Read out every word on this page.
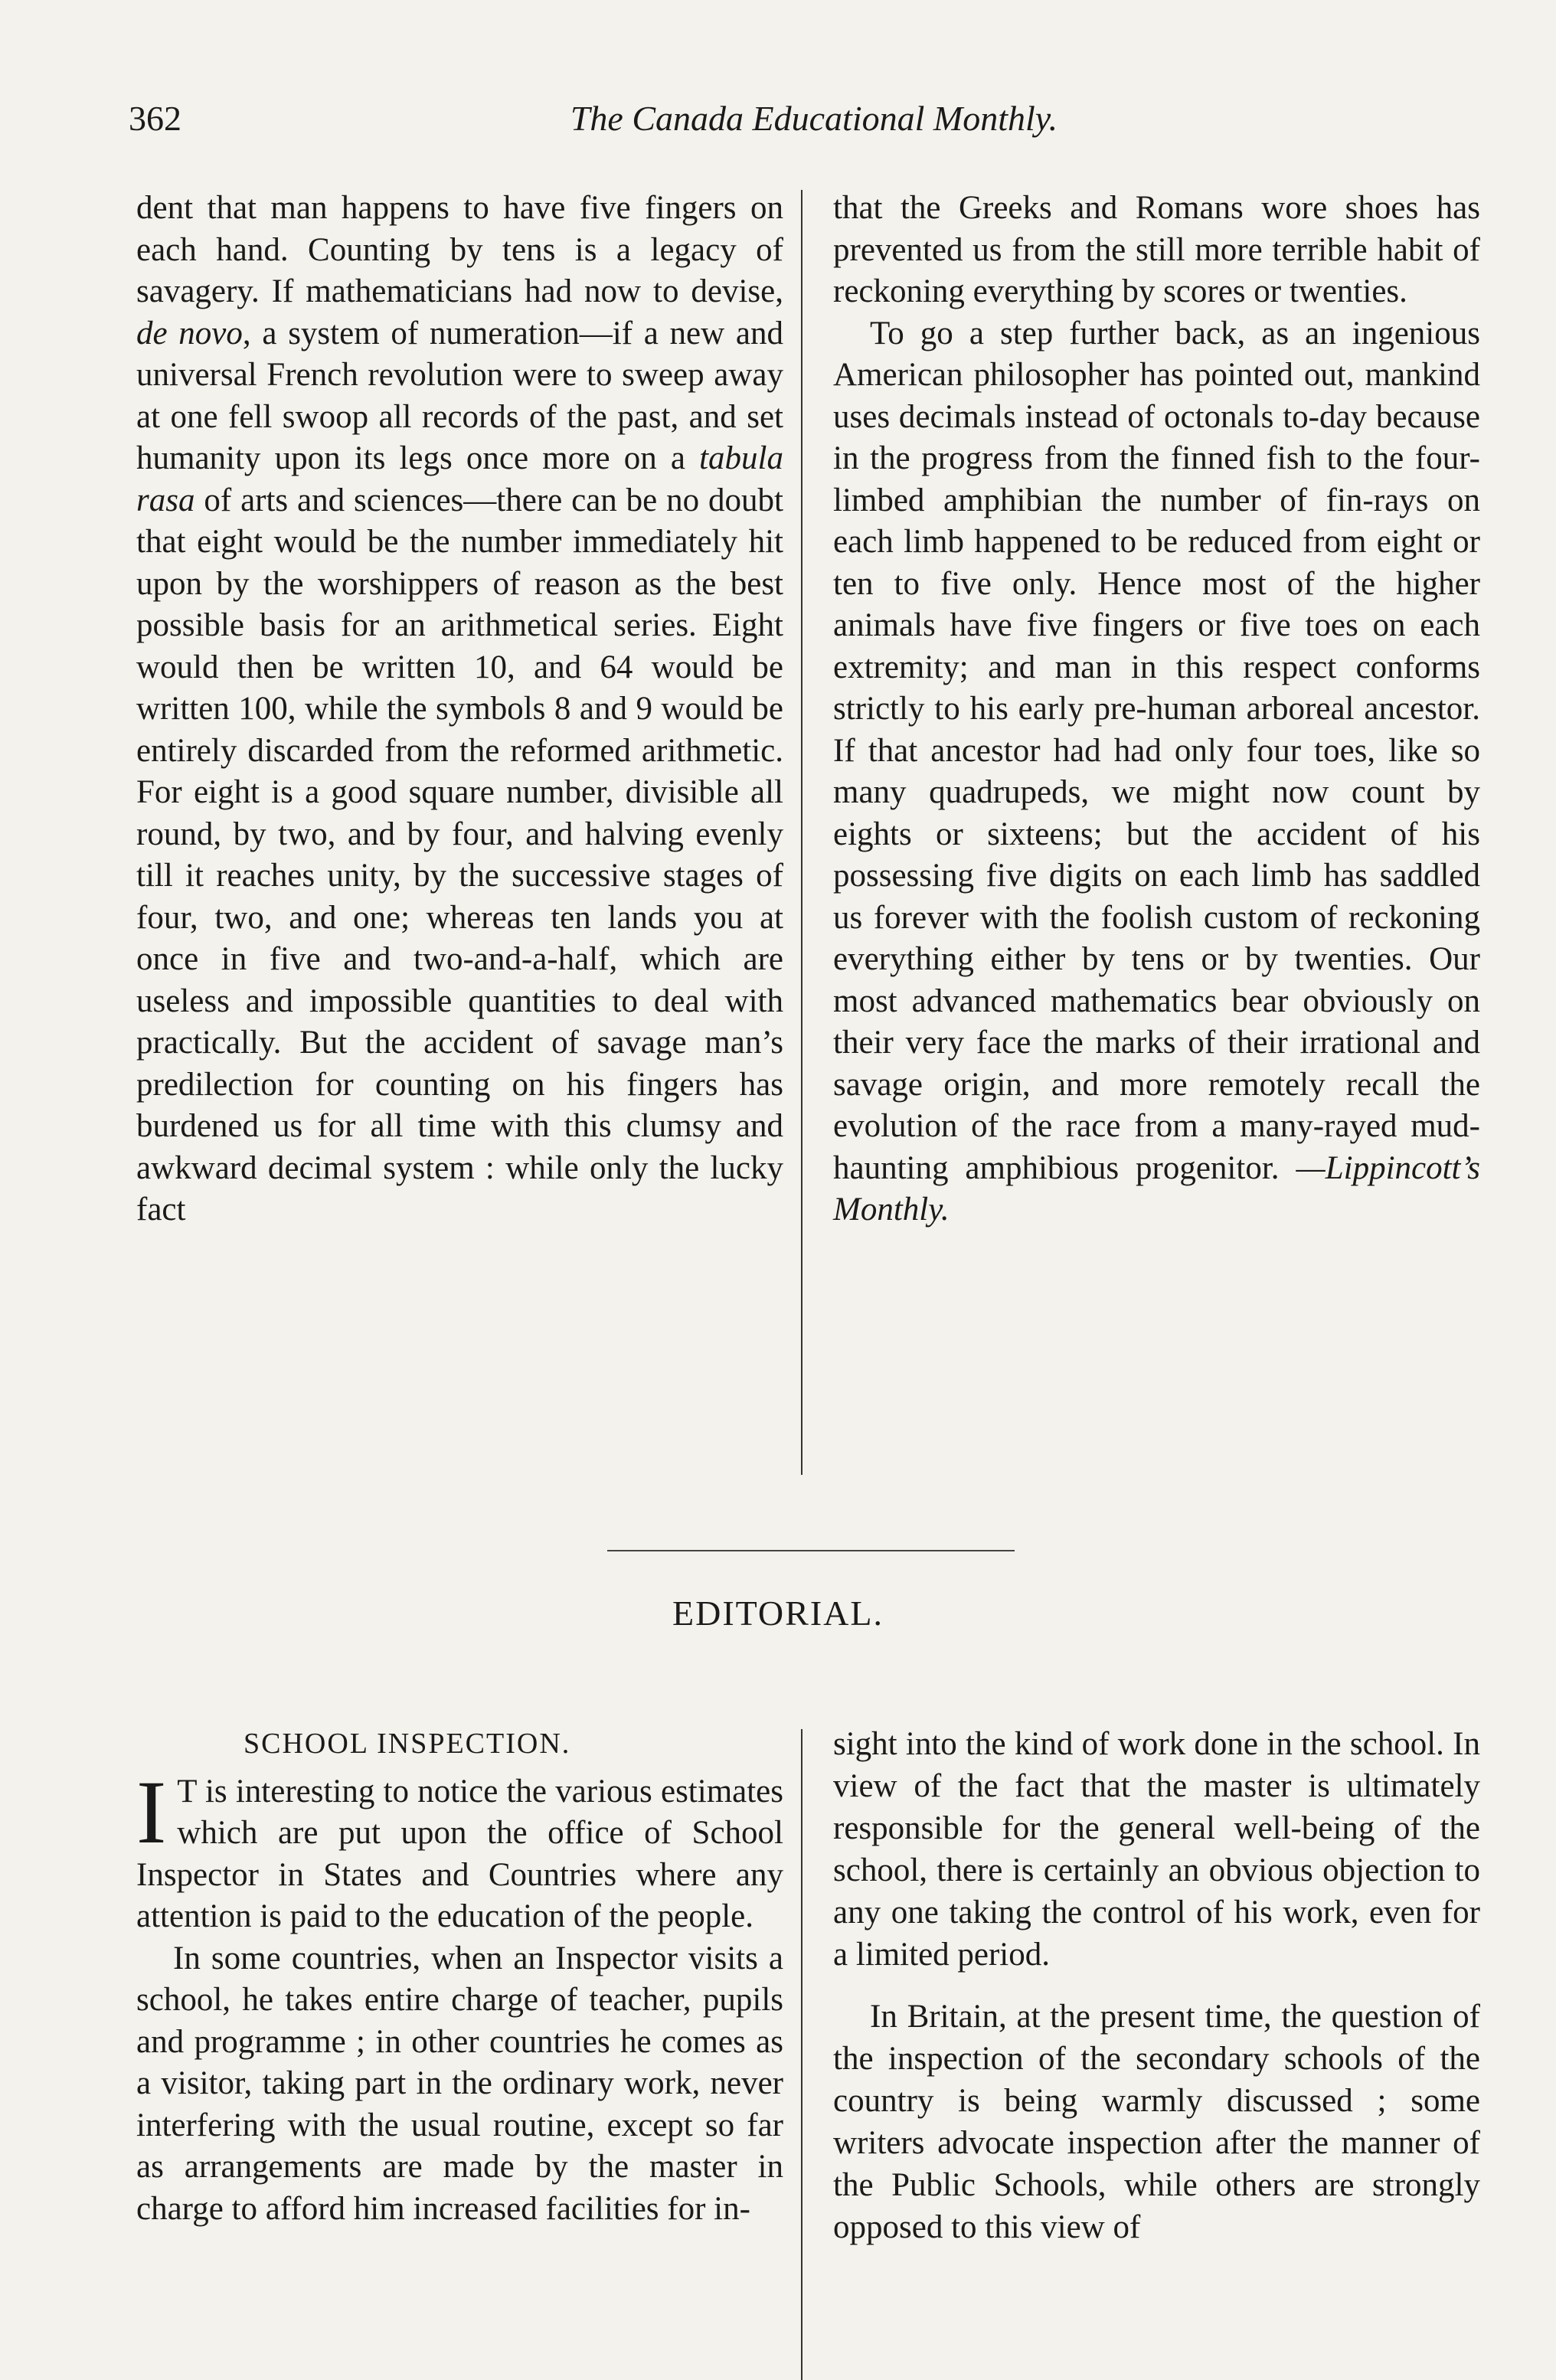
362	The Canada Educational Monthly.

dent that man happens to have five fingers on each hand. Counting by tens is a legacy of savagery. If mathematicians had now to devise, de novo, a system of numeration—if a new and universal French revolution were to sweep away at one fell swoop all records of the past, and set humanity upon its legs once more on a tabula rasa of arts and sciences—there can be no doubt that eight would be the number immediately hit upon by the worshippers of reason as the best possible basis for an arithmetical series. Eight would then be written 10, and 64 would be written 100, while the symbols 8 and 9 would be entirely discarded from the reformed arithmetic. For eight is a good square number, divisible all round, by two, and by four, and halving evenly till it reaches unity, by the successive stages of four, two, and one; whereas ten lands you at once in five and two-and-a-half, which are useless and impossible quantities to deal with practically. But the accident of savage man’s predilection for counting on his fingers has burdened us for all time with this clumsy and awkward decimal system : while only the lucky fact

that the Greeks and Romans wore shoes has prevented us from the still more terrible habit of reckoning everything by scores or twenties.

To go a step further back, as an ingenious American philosopher has pointed out, mankind uses decimals instead of octonals to-day because in the progress from the finned fish to the four-limbed amphibian the number of fin-rays on each limb happened to be reduced from eight or ten to five only. Hence most of the higher animals have five fingers or five toes on each extremity; and man in this respect conforms strictly to his early pre-human arboreal ancestor. If that ancestor had had only four toes, like so many quadrupeds, we might now count by eights or sixteens; but the accident of his possessing five digits on each limb has saddled us forever with the foolish custom of reckoning everything either by tens or by twenties. Our most advanced mathematics bear obviously on their very face the marks of their irrational and savage origin, and more remotely recall the evolution of the race from a many-rayed mud-haunting amphibious progenitor. —Lippincott’s Monthly.

EDITORIAL.

SCHOOL INSPECTION.

I T is interesting to notice the various estimates which are put upon the office of School Inspector in States and Countries where any attention is paid to the education of the people.

In some countries, when an Inspector visits a school, he takes entire charge of teacher, pupils and programme ; in other countries he comes as a visitor, taking part in the ordinary work, never interfering with the usual routine, except so far as arrangements are made by the master in charge to afford him increased facilities for in-

sight into the kind of work done in the school. In view of the fact that the master is ultimately responsible for the general well-being of the school, there is certainly an obvious objection to any one taking the control of his work, even for a limited period.

In Britain, at the present time, the question of the inspection of the secondary schools of the country is being warmly discussed ; some writers advocate inspection after the manner of the Public Schools, while others are strongly opposed to this view of
